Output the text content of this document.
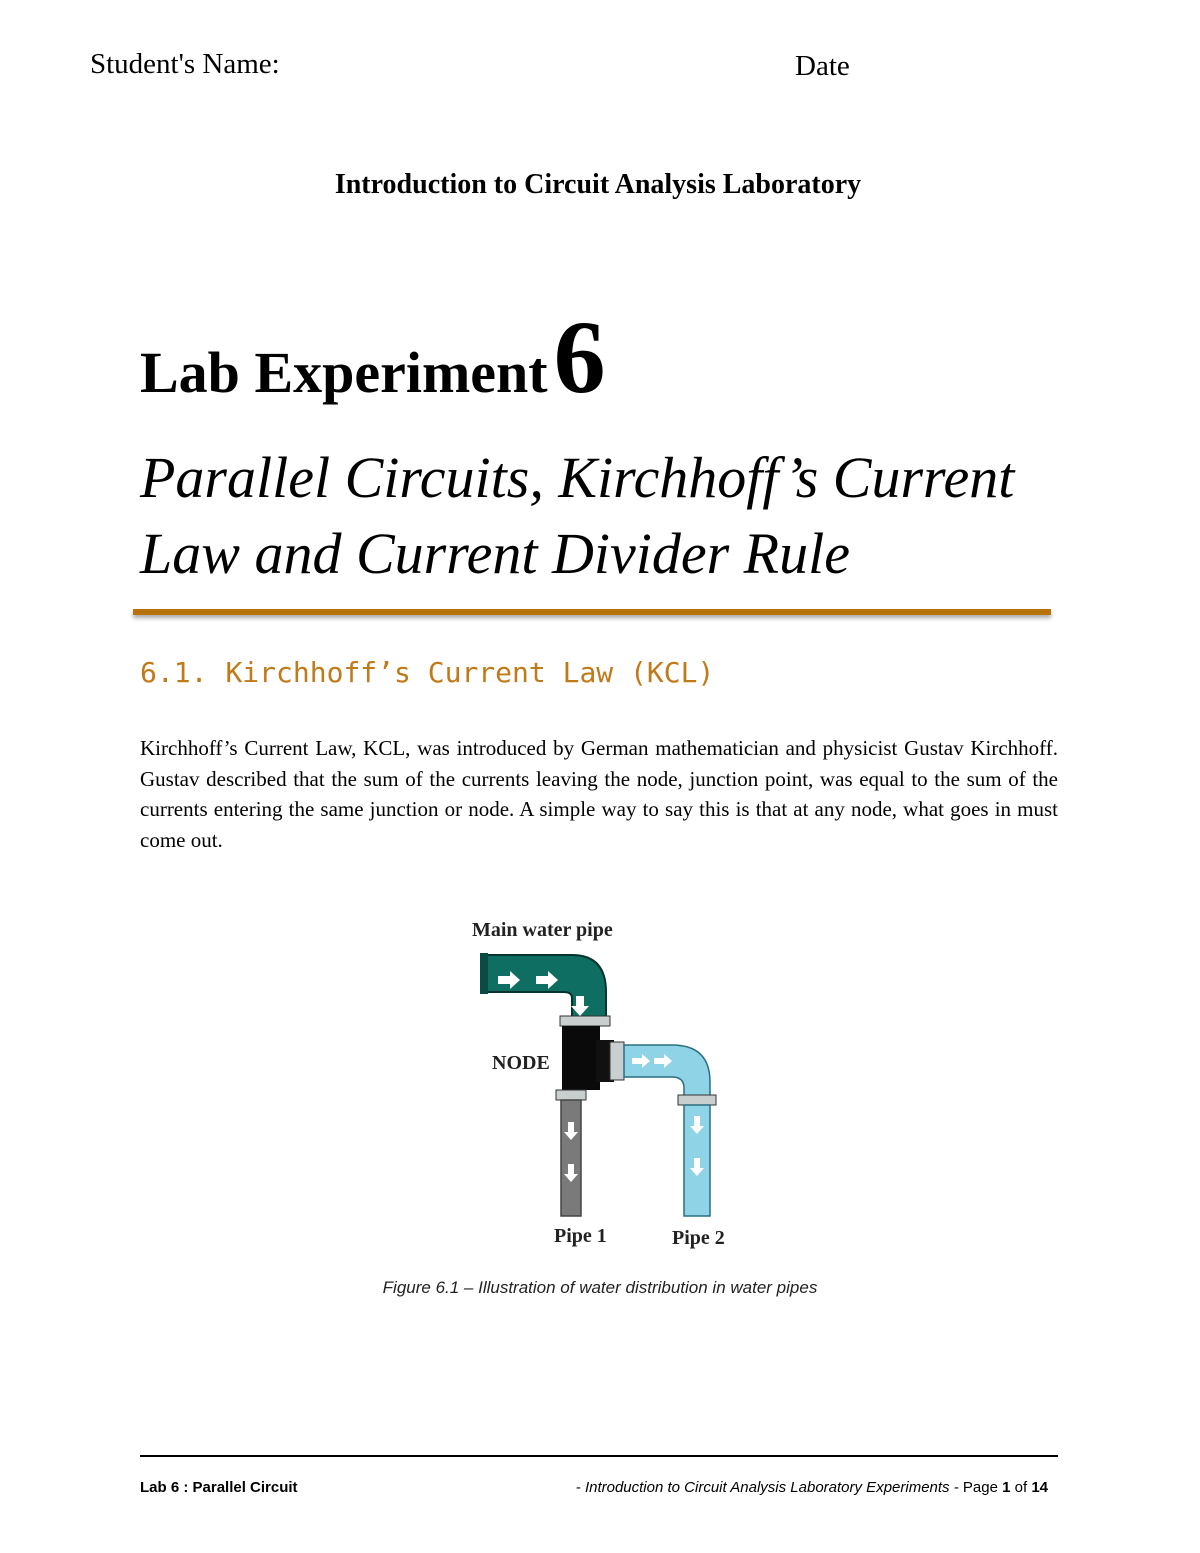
Student's Name:	Date
Introduction to Circuit Analysis Laboratory
Lab Experiment6
Parallel Circuits, Kirchhoff’s Current
Law and Current Divider Rule
6.1. Kirchhoff’s Current Law (KCL)
Kirchhoff’s Current Law, KCL, was introduced by German mathematician and physicist Gustav Kirchhoff. Gustav described that the sum of the currents leaving the node, junction point, was equal to the sum of the currents entering the same junction or node. A simple way to say this is that at any node, what goes in must come out.
Main water pipe
NODE
Pipe 1	Pipe 2
Figure 6.1 – Illustration of water distribution in water pipes
Lab 6 : Parallel Circuit	- Introduction to Circuit Analysis Laboratory Experiments - Page 1 of 14
